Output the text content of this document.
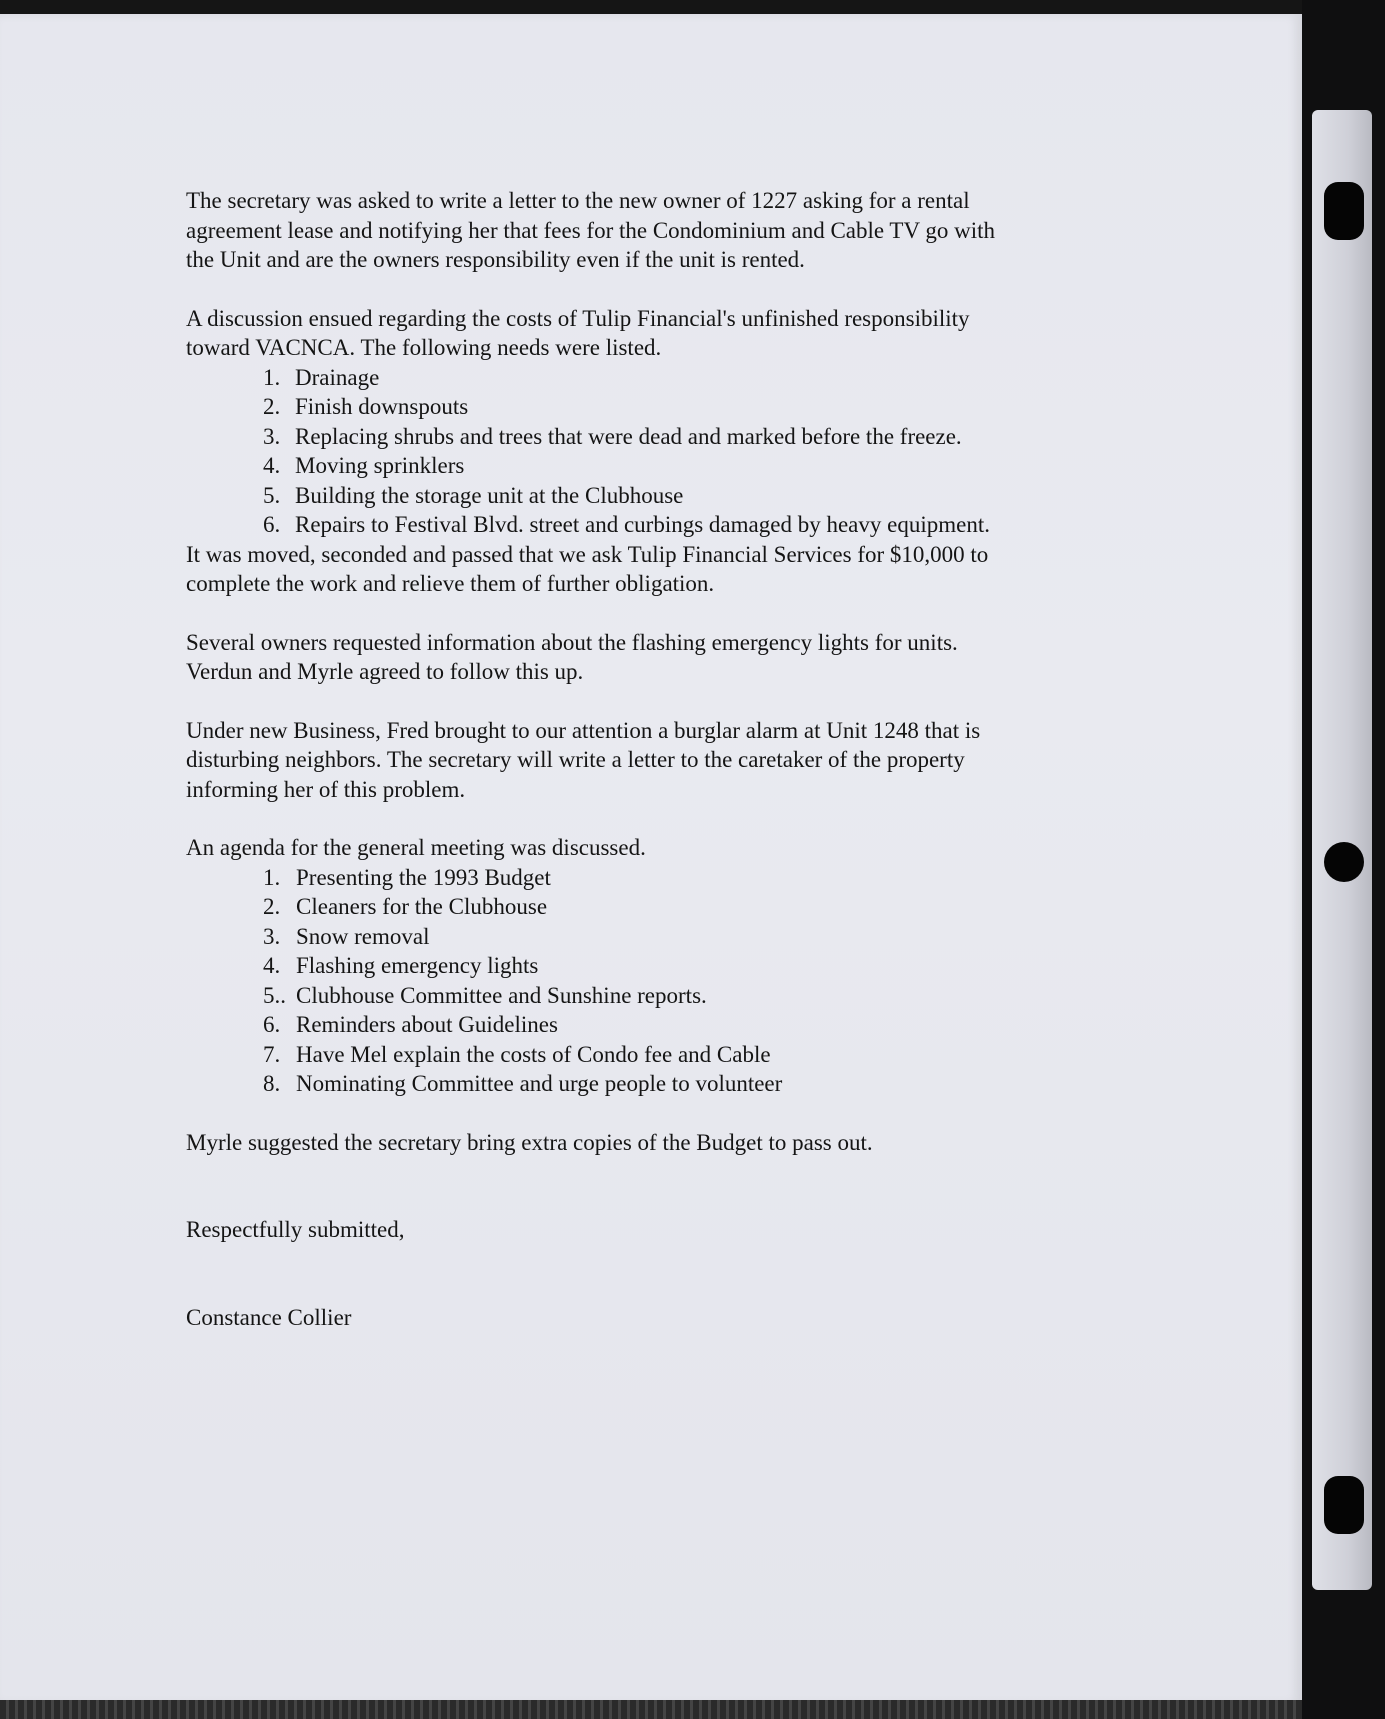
The secretary was asked to write a letter to the new owner of 1227 asking for a rental
agreement lease and notifying her that fees for the Condominium and Cable TV go with
the Unit and are the owners responsibility even if the unit is rented.

A discussion ensued regarding the costs of Tulip Financial's unfinished responsibility
toward VACNCA. The following needs were listed.
1. Drainage
2. Finish downspouts
3. Replacing shrubs and trees that were dead and marked before the freeze.
4. Moving sprinklers
5. Building the storage unit at the Clubhouse
6. Repairs to Festival Blvd. street and curbings damaged by heavy equipment.

It was moved, seconded and passed that we ask Tulip Financial Services for $10,000 to
complete the work and relieve them of further obligation.

Several owners requested information about the flashing emergency lights for units.
Verdun and Myrle agreed to follow this up.

Under new Business, Fred brought to our attention a burglar alarm at Unit 1248 that is
disturbing neighbors. The secretary will write a letter to the caretaker of the property
informing her of this problem.

An agenda for the general meeting was discussed.
1. Presenting the 1993 Budget
2. Cleaners for the Clubhouse
3. Snow removal
4. Flashing emergency lights
5.. Clubhouse Committee and Sunshine reports.
6. Reminders about Guidelines
7. Have Mel explain the costs of Condo fee and Cable
8. Nominating Committee and urge people to volunteer

Myrle suggested the secretary bring extra copies of the Budget to pass out.

Respectfully submitted,

Constance Collier
